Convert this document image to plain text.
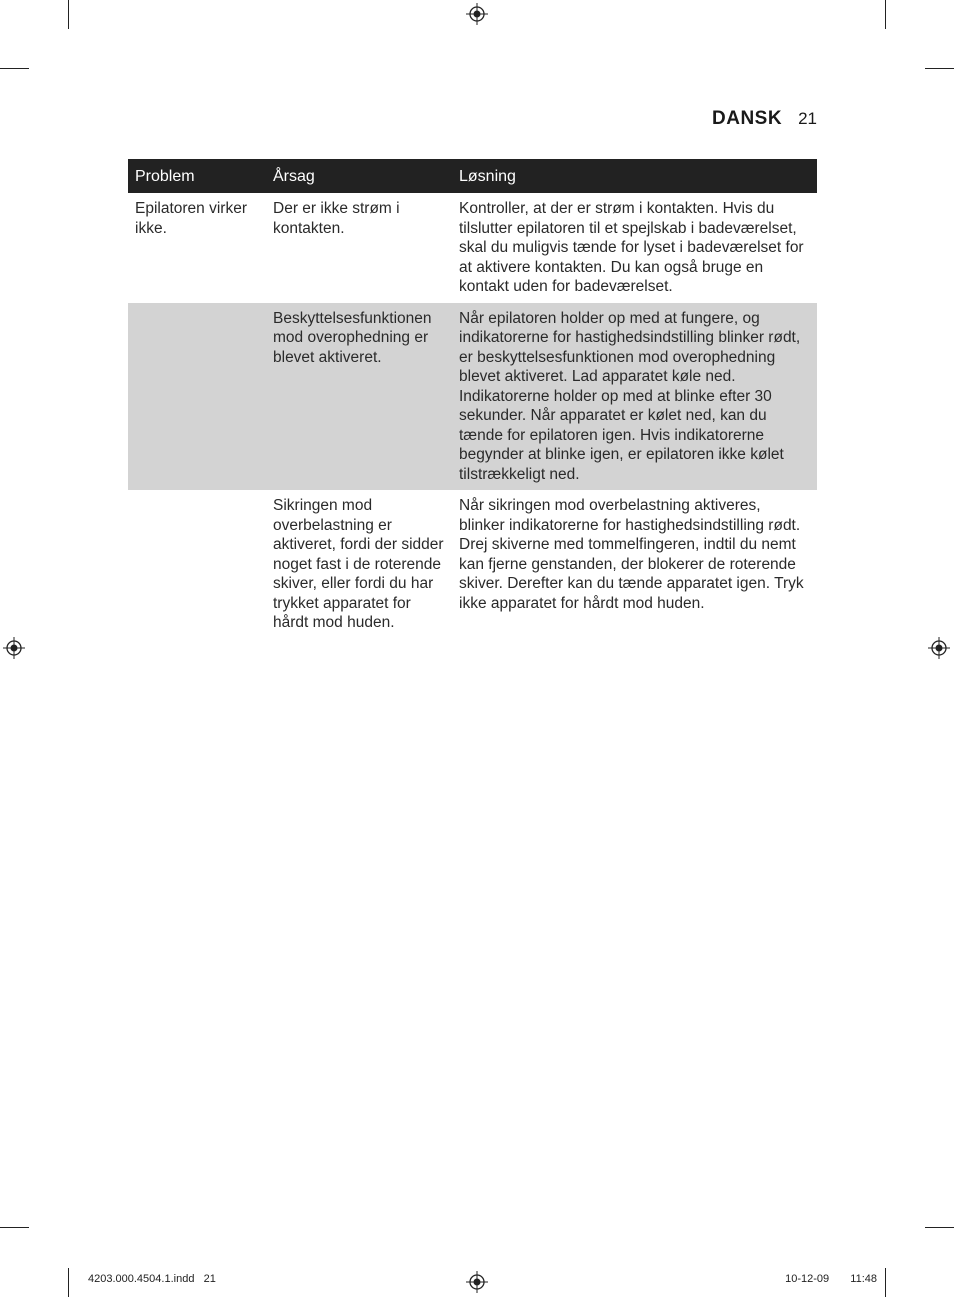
DANSK 21
Problem	Årsag	Løsning
Epilatoren virker ikke.	Der er ikke strøm i kontakten.	Kontroller, at der er strøm i kontakten. Hvis du tilslutter epilatoren til et spejlskab i badeværelset, skal du muligvis tænde for lyset i badeværelset for at aktivere kontakten. Du kan også bruge en kontakt uden for badeværelset.
	Beskyttelsesfunktionen mod overophedning er blevet aktiveret.	Når epilatoren holder op med at fungere, og indikatorerne for hastighedsindstilling blinker rødt, er beskyttelsesfunktionen mod overophedning blevet aktiveret. Lad apparatet køle ned. Indikatorerne holder op med at blinke efter 30 sekunder. Når apparatet er kølet ned, kan du tænde for epilatoren igen. Hvis indikatorerne begynder at blinke igen, er epilatoren ikke kølet tilstrækkeligt ned.
	Sikringen mod overbelastning er aktiveret, fordi der sidder noget fast i de roterende skiver, eller fordi du har trykket apparatet for hårdt mod huden.	Når sikringen mod overbelastning aktiveres, blinker indikatorerne for hastighedsindstilling rødt. Drej skiverne med tommelfingeren, indtil du nemt kan fjerne genstanden, der blokerer de roterende skiver. Derefter kan du tænde apparatet igen. Tryk ikke apparatet for hårdt mod huden.
4203.000.4504.1.indd   21	10-12-09   11:48
